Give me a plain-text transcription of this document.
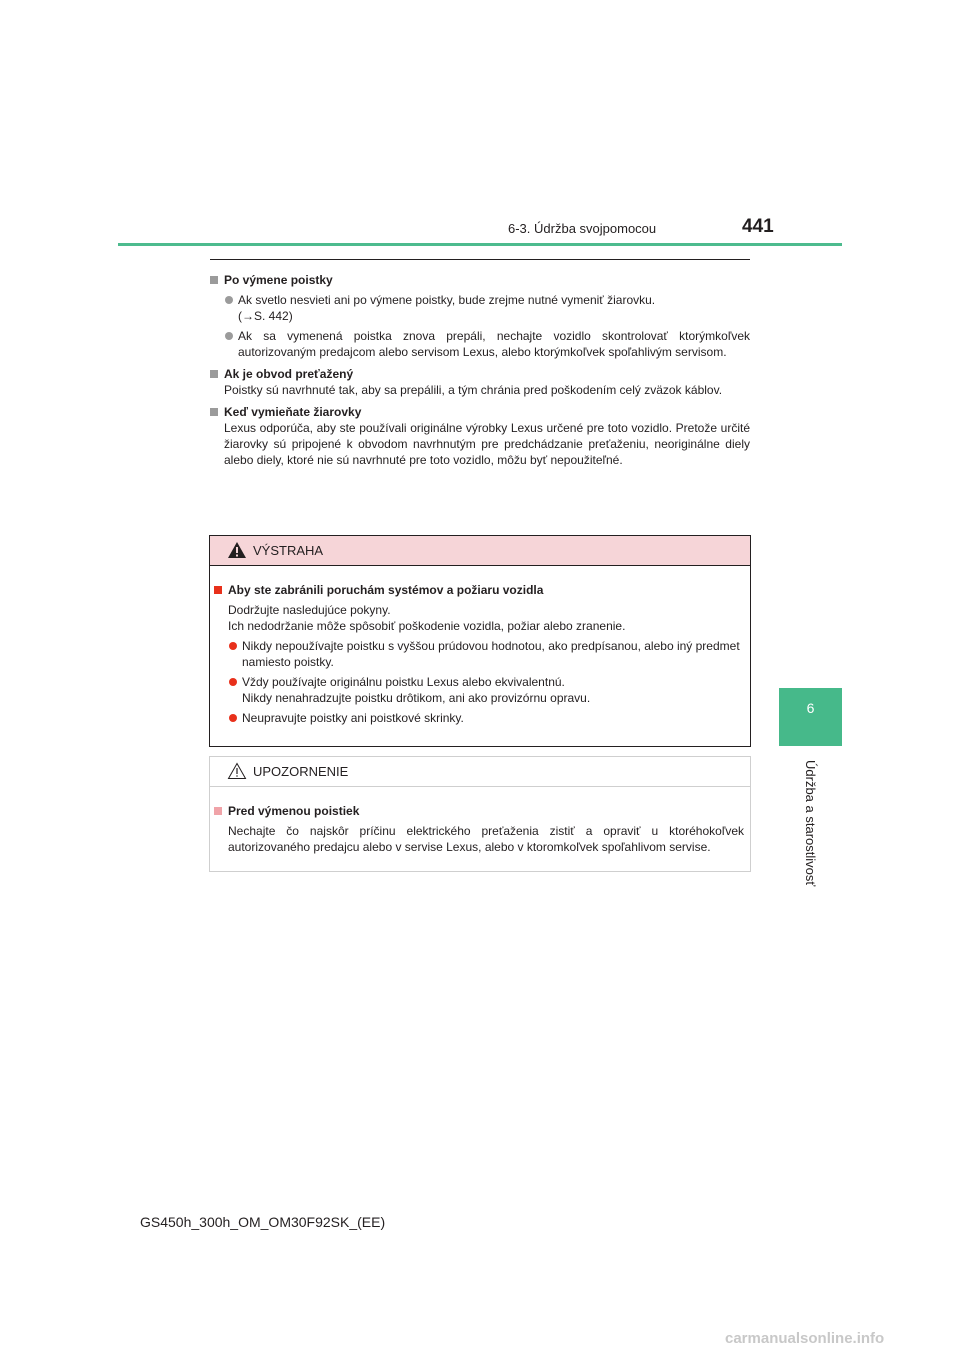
6-3. Údržba svojpomocou	441
6
Údržba a starostlivosť
Po výmene poistky
Ak svetlo nesvieti ani po výmene poistky, bude zrejme nutné vymeniť žiarovku.
(→S. 442)
Ak sa vymenená poistka znova prepáli, nechajte vozidlo skontrolovať ktorýmkoľvek autorizovaným predajcom alebo servisom Lexus, alebo ktorýmkoľvek spoľahlivým servisom.
Ak je obvod preťažený
Poistky sú navrhnuté tak, aby sa prepálili, a tým chránia pred poškodením celý zväzok káblov.
Keď vymieňate žiarovky
Lexus odporúča, aby ste používali originálne výrobky Lexus určené pre toto vozidlo. Pretože určité žiarovky sú pripojené k obvodom navrhnutým pre predchádzanie preťaženiu, neoriginálne diely alebo diely, ktoré nie sú navrhnuté pre toto vozidlo, môžu byť nepoužiteľné.
VÝSTRAHA
Aby ste zabránili poruchám systémov a požiaru vozidla
Dodržujte nasledujúce pokyny.
Ich nedodržanie môže spôsobiť poškodenie vozidla, požiar alebo zranenie.
Nikdy nepoužívajte poistku s vyššou prúdovou hodnotou, ako predpísanou, alebo iný predmet namiesto poistky.
Vždy používajte originálnu poistku Lexus alebo ekvivalentnú.
Nikdy nenahradzujte poistku drôtikom, ani ako provizórnu opravu.
Neupravujte poistky ani poistkové skrinky.
UPOZORNENIE
Pred výmenou poistiek
Nechajte čo najskôr príčinu elektrického preťaženia zistiť a opraviť u ktoréhokoľvek autorizovaného predajcu alebo v servise Lexus, alebo v ktoromkoľvek spoľahlivom servise.
GS450h_300h_OM_OM30F92SK_(EE)
carmanualsonline.info
